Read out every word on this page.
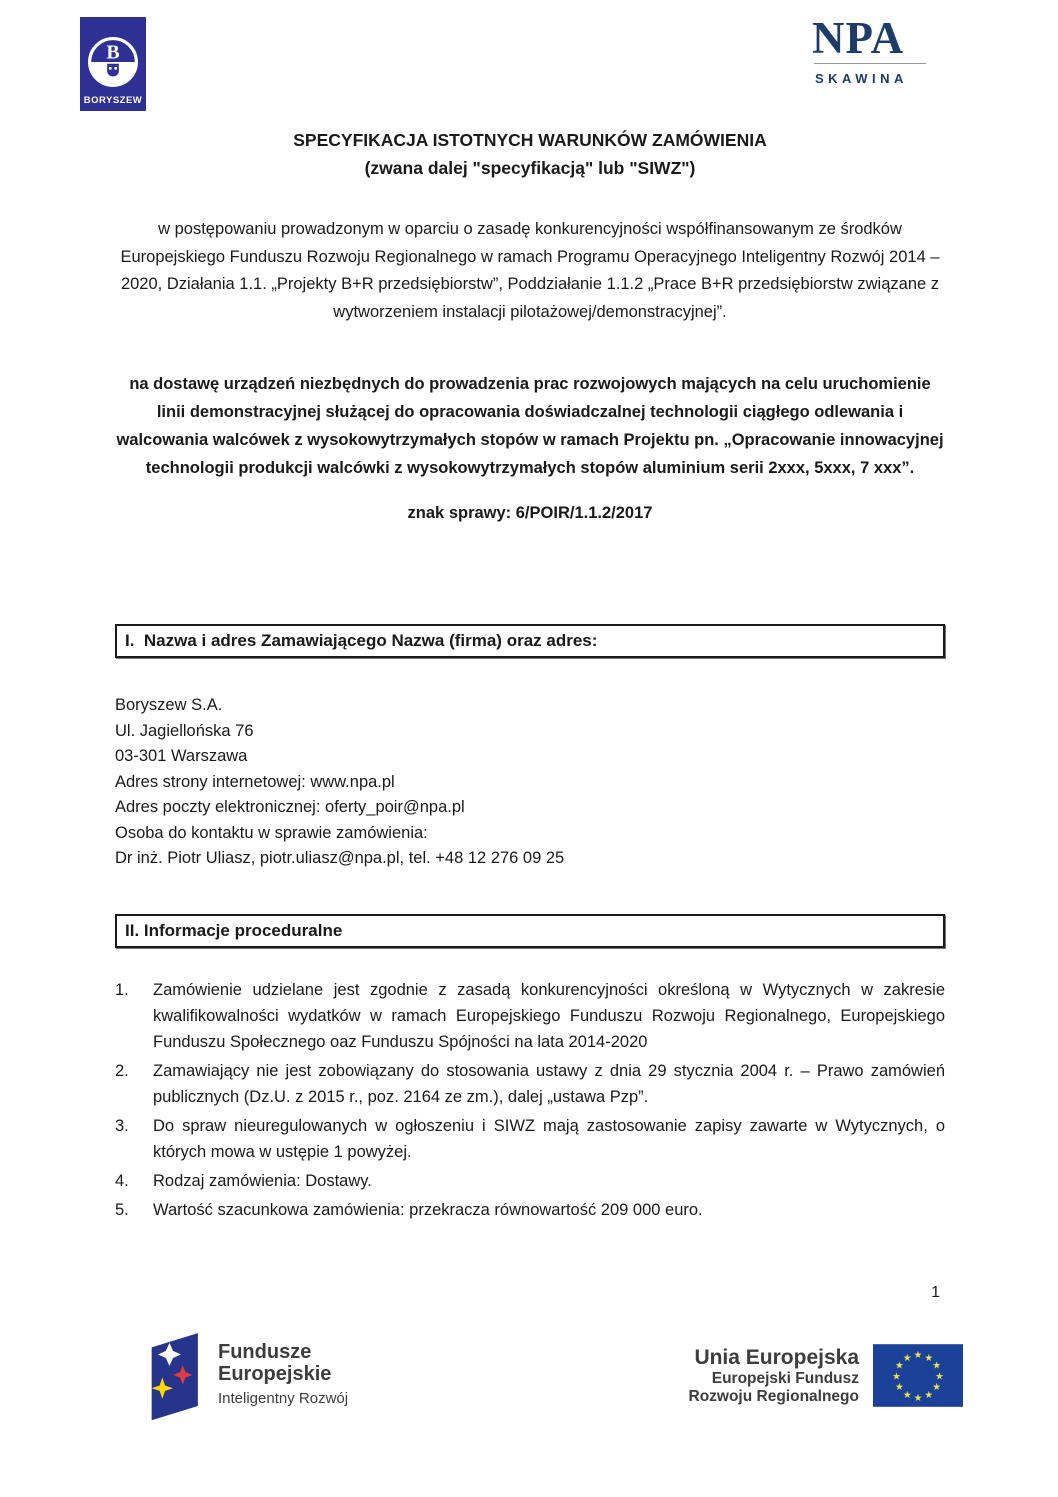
B
BORYSZEW
NPA
SKAWINA
SPECYFIKACJA ISTOTNYCH WARUNKÓW ZAMÓWIENIA
(zwana dalej "specyfikacją" lub "SIWZ")

w postępowaniu prowadzonym w oparciu o zasadę konkurencyjności współfinansowanym ze środków Europejskiego Funduszu Rozwoju Regionalnego w ramach Programu Operacyjnego Inteligentny Rozwój 2014 – 2020, Działania 1.1. „Projekty B+R przedsiębiorstw”, Poddziałanie 1.1.2 „Prace B+R przedsiębiorstw związane z wytworzeniem instalacji pilotażowej/demonstracyjnej”.

na dostawę urządzeń niezbędnych do prowadzenia prac rozwojowych mających na celu uruchomienie linii demonstracyjnej służącej do opracowania doświadczalnej technologii ciągłego odlewania i walcowania walcówek z wysokowytrzymałych stopów w ramach Projektu pn. „Opracowanie innowacyjnej technologii produkcji walcówki z wysokowytrzymałych stopów aluminium serii 2xxx, 5xxx, 7 xxx”.

znak sprawy: 6/POIR/1.1.2/2017

I.  Nazwa i adres Zamawiającego Nazwa (firma) oraz adres:
Boryszew S.A.
Ul. Jagiellońska 76
03-301 Warszawa
Adres strony internetowej: www.npa.pl
Adres poczty elektronicznej: oferty_poir@npa.pl
Osoba do kontaktu w sprawie zamówienia:
Dr inż. Piotr Uliasz, piotr.uliasz@npa.pl, tel. +48 12 276 09 25
II. Informacje proceduralne
1.	Zamówienie udzielane jest zgodnie z zasadą konkurencyjności określoną w Wytycznych w zakresie kwalifikowalności wydatków w ramach Europejskiego Funduszu Rozwoju Regionalnego, Europejskiego Funduszu Społecznego oaz Funduszu Spójności na lata 2014-2020
2.	Zamawiający nie jest zobowiązany do stosowania ustawy z dnia 29 stycznia 2004 r. – Prawo zamówień publicznych (Dz.U. z 2015 r., poz. 2164 ze zm.), dalej „ustawa Pzp”.
3.	Do spraw nieuregulowanych w ogłoszeniu i SIWZ mają zastosowanie zapisy zawarte w Wytycznych, o których mowa w ustępie 1 powyżej.
4.	Rodzaj zamówienia: Dostawy.
5.	Wartość szacunkowa zamówienia: przekracza równowartość 209 000 euro.
1
Fundusze
Europejskie
Inteligentny Rozwój
Unia Europejska
Europejski Fundusz
Rozwoju Regionalnego
★ ★
★
★
★
★
★
★
★
★
★
★
